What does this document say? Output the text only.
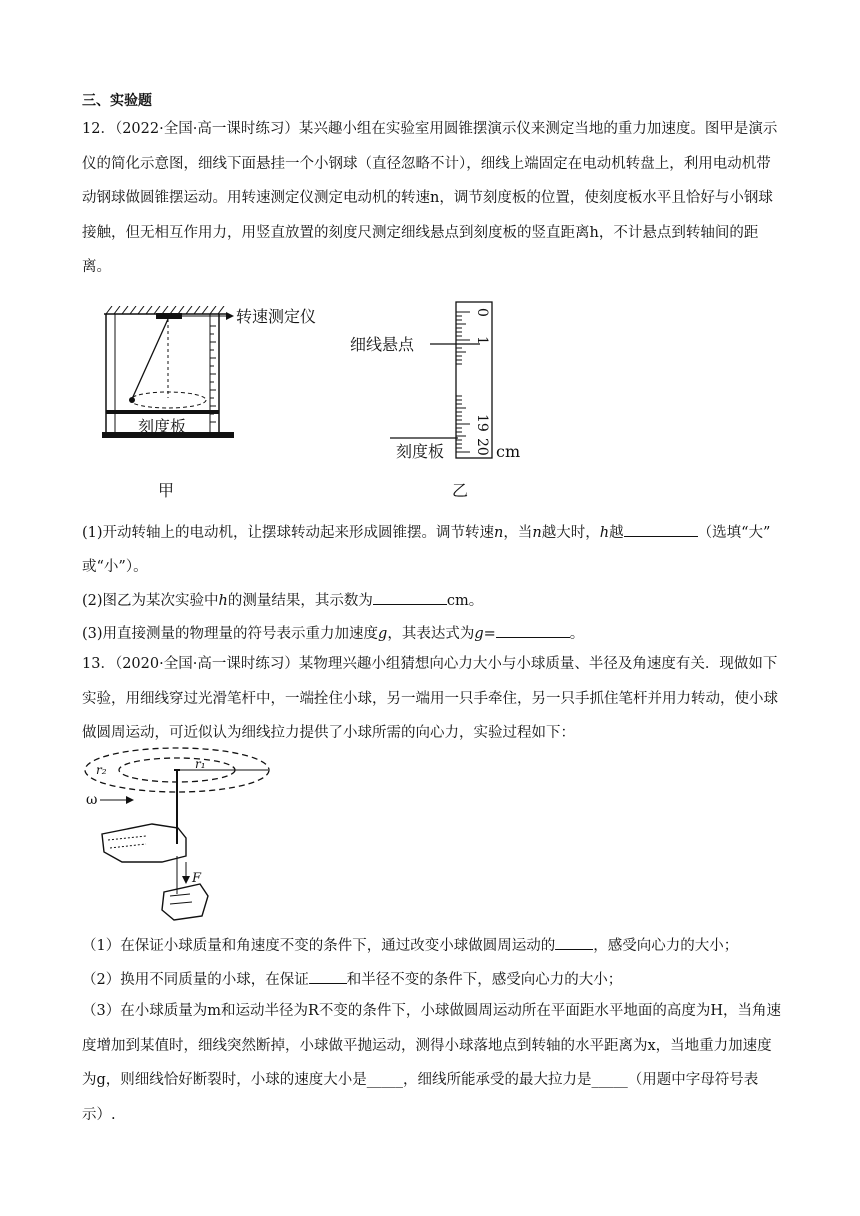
三、实验题
12．（2022·全国·高一课时练习）某兴趣小组在实验室用圆锥摆演示仪来测定当地的重力加速度。图甲是演示仪的简化示意图，细线下面悬挂一个小钢球（直径忽略不计），细线上端固定在电动机转盘上，利用电动机带动钢球做圆锥摆运动。用转速测定仪测定电动机的转速n，调节刻度板的位置，使刻度板水平且恰好与小钢球接触，但无相互作用力，用竖直放置的刻度尺测定细线悬点到刻度板的竖直距离h，不计悬点到转轴间的距离。
转速测定仪
刻度板
甲
0
1
19
20
细线悬点
刻度板	cm
乙
(1)开动转轴上的电动机，让摆球转动起来形成圆锥摆。调节转速n，当n越大时，h越	（选填“大”
或“小”）。
(2)图乙为某次实验中h的测量结果，其示数为	cm。
(3)用直接测量的物理量的符号表示重力加速度g，其表达式为g=	。
13．（2020·全国·高一课时练习）某物理兴趣小组猜想向心力大小与小球质量、半径及角速度有关．现做如下实验，用细线穿过光滑笔杆中，一端拴住小球，另一端用一只手牵住，另一只手抓住笔杆并用力转动，使小球做圆周运动，可近似认为细线拉力提供了小球所需的向心力，实验过程如下：
r₂	r₁
ω
F
（1）在保证小球质量和角速度不变的条件下，通过改变小球做圆周运动的	，感受向心力的大小；
（2）换用不同质量的小球，在保证	和半径不变的条件下，感受向心力的大小；
（3）在小球质量为m和运动半径为R不变的条件下，小球做圆周运动所在平面距水平地面的高度为H，当角速度增加到某值时，细线突然断掉，小球做平抛运动，测得小球落地点到转轴的水平距离为x，当地重力加速度为g，则细线恰好断裂时，小球的速度大小是_____，细线所能承受的最大拉力是_____（用题中字母符号表示）.
